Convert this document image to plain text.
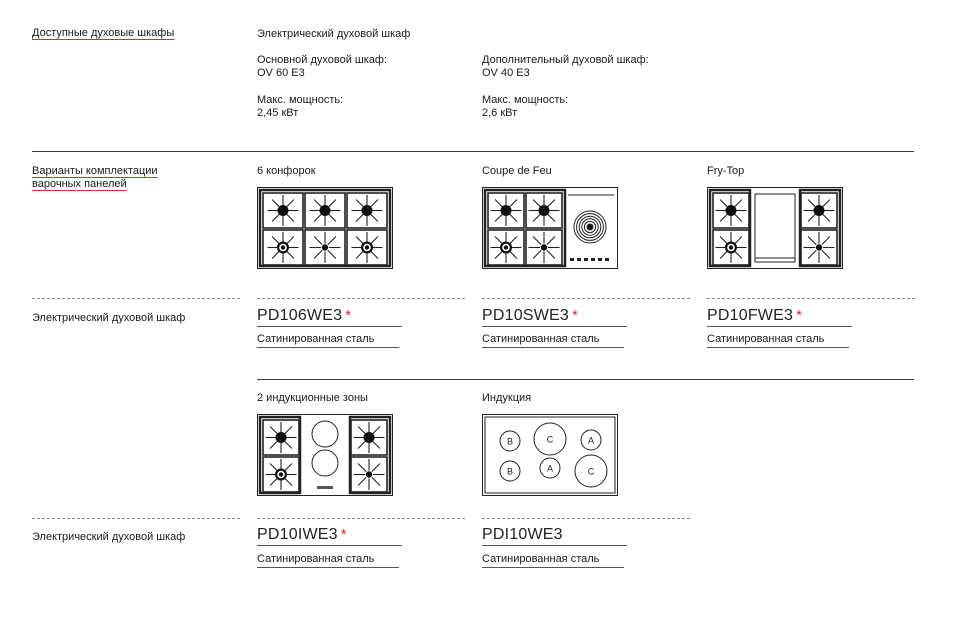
Доступные духовые шкафы	Электрический духовой шкаф
Основной духовой шкаф:
OV 60 E3
Макс. мощность:
2,45 кВт
Дополнительный духовой шкаф:
OV 40 E3
Макс. мощность:
2,6 кВт
Варианты комплектации варочных панелей
6 конфорок	Coupe de Feu	Fry-Top
Электрический духовой шкаф	PD106WE3 *	PD10SWE3 *	PD10FWE3 *
Сатинированная сталь	Сатинированная сталь	Сатинированная сталь
2 индукционные зоны	Индукция
B	C	A
B	A	C
Электрический духовой шкаф	PD10IWE3 *	PDI10WE3
Сатинированная сталь	Сатинированная сталь
